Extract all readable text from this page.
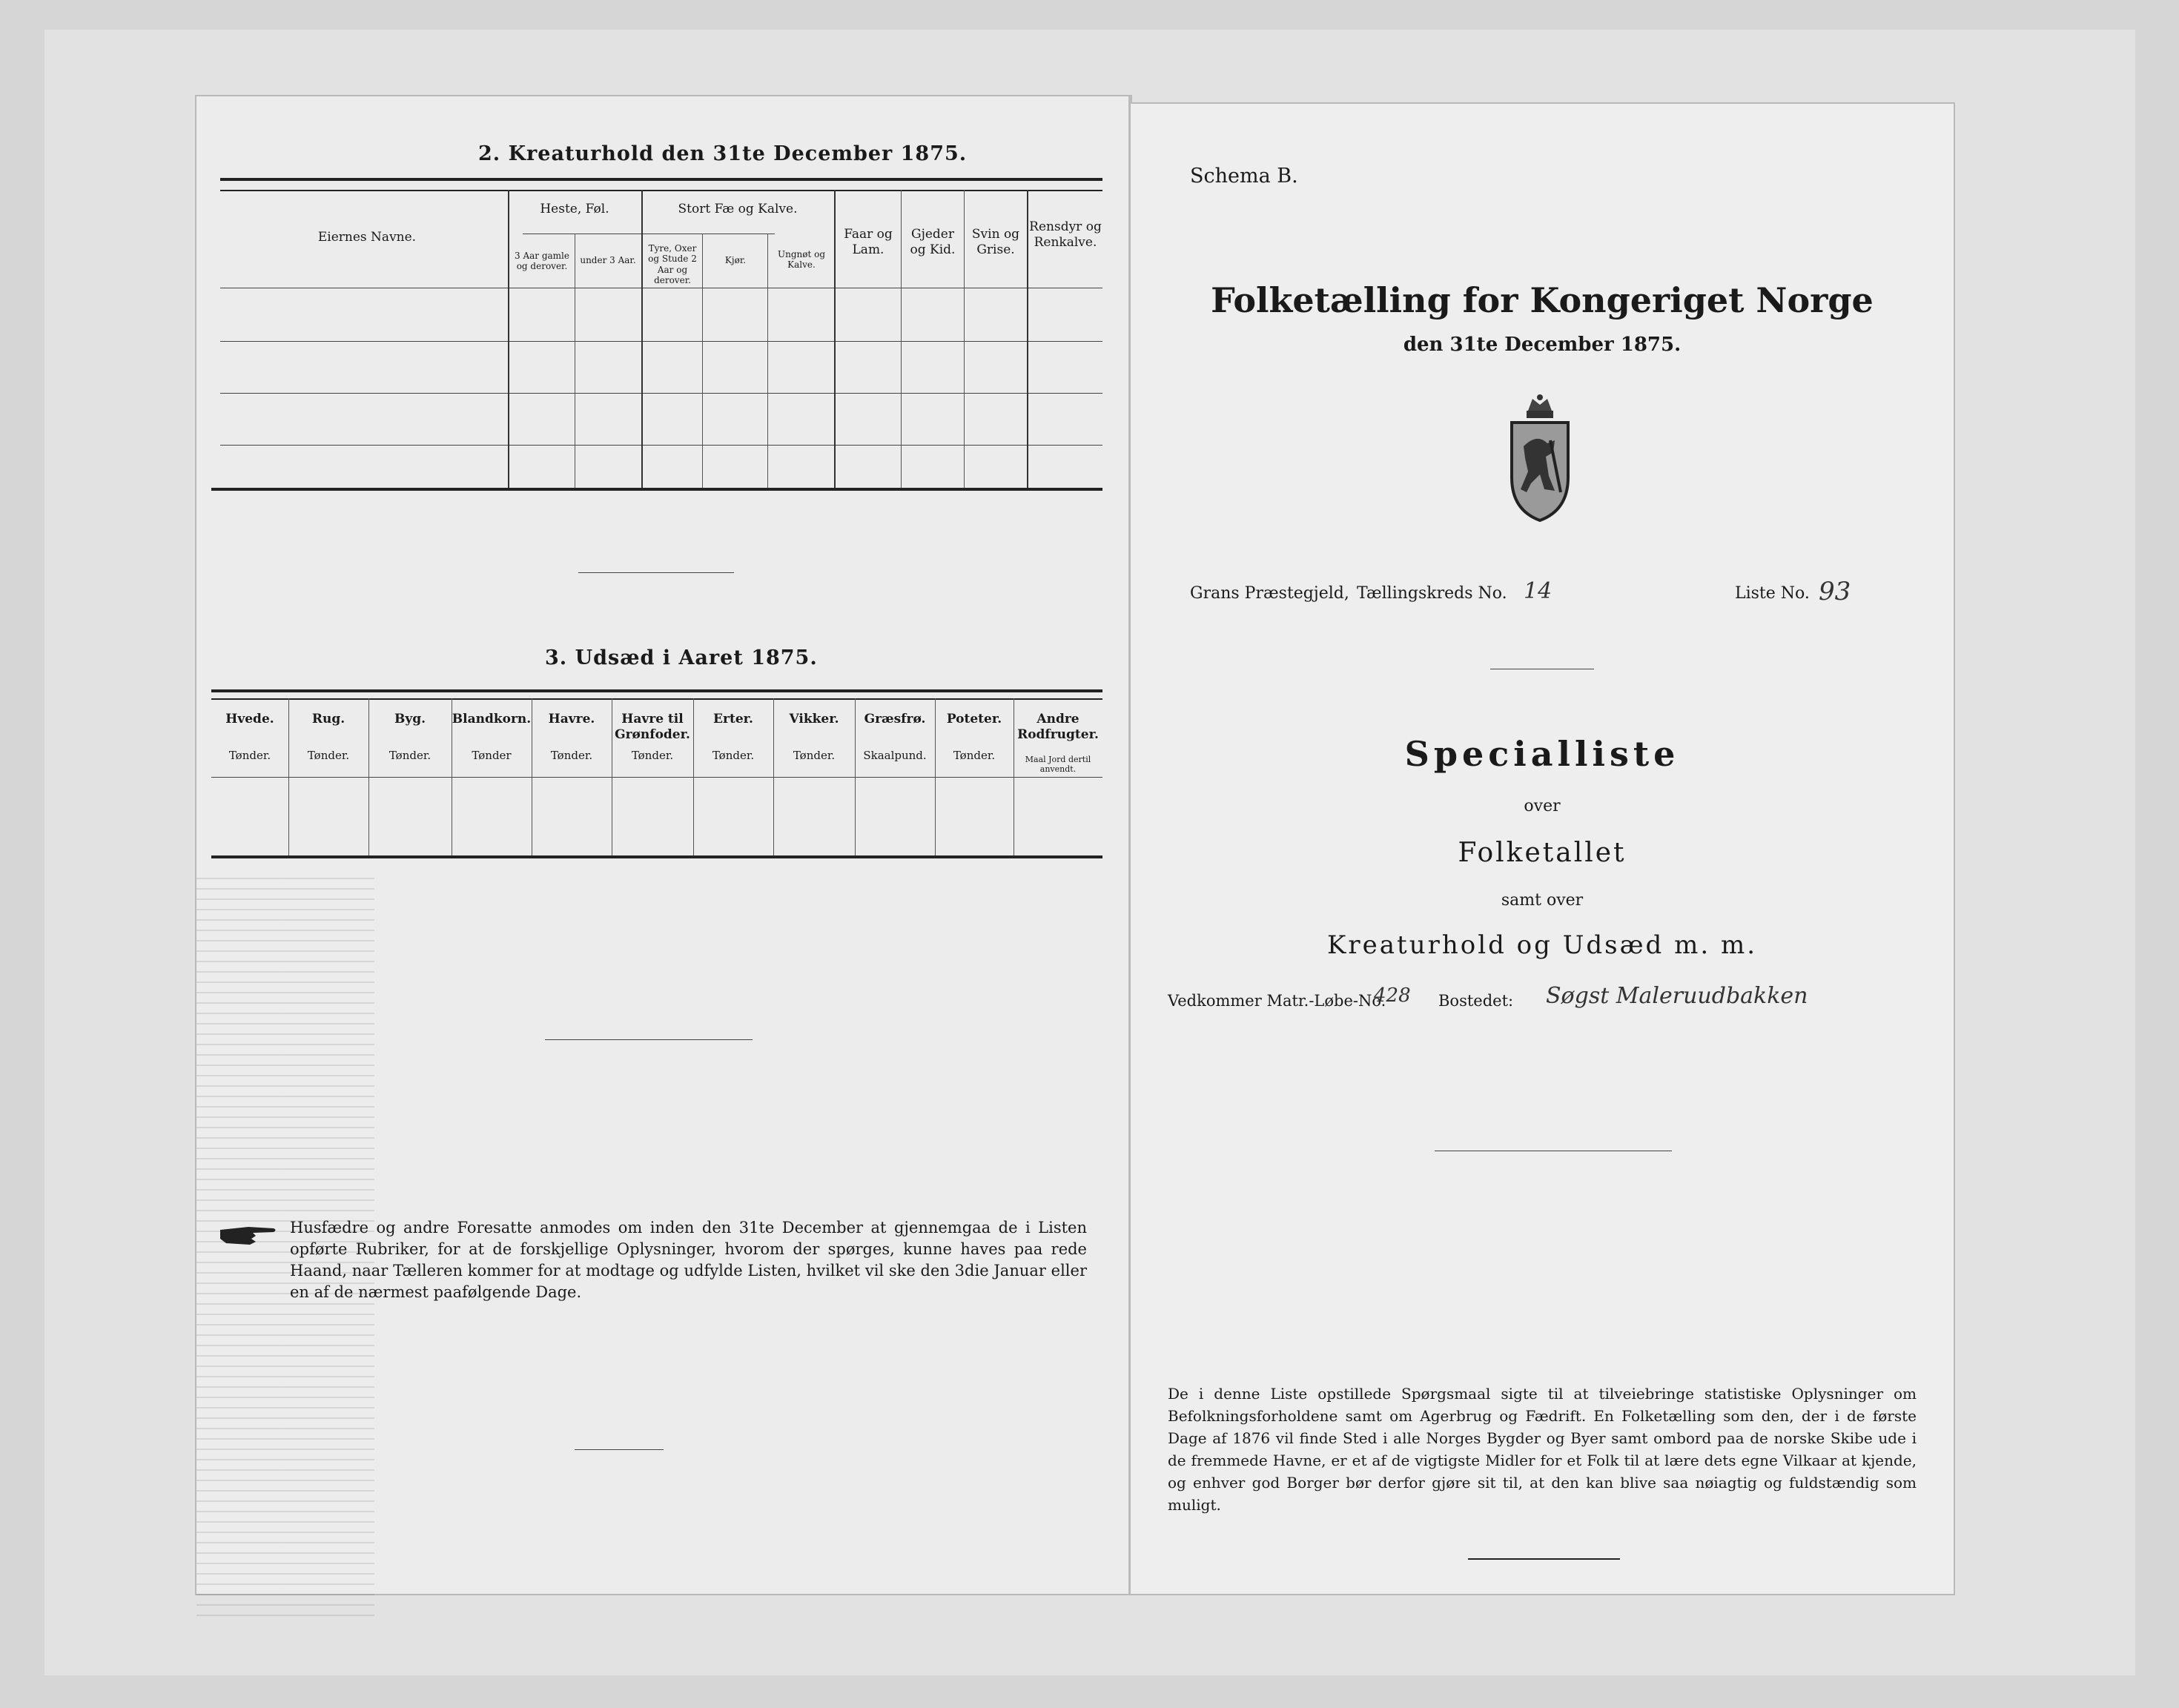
2. Kreaturhold den 31te December 1875.
Eiernes Navne.
Heste, Føl.
3 Aar gamle og derover.
under 3 Aar.
Stort Fæ og Kalve.
Tyre, Oxer og Stude 2 Aar og derover.
Kjør.
Ungnøt og Kalve.
Faar og Lam.
Gjeder og Kid.
Svin og Grise.
Rensdyr og Renkalve.
3. Udsæd i Aaret 1875.
Hvede.
Tønder.
Rug.
Tønder.
Byg.
Tønder.
Blandkorn.
Tønder
Havre.
Tønder.
Havre til Grønfoder.
Tønder.
Erter.
Tønder.
Vikker.
Tønder.
Græsfrø.
Skaalpund.
Poteter.
Tønder.
Andre Rodfrugter.
Maal Jord dertil anvendt.
Husfædre og andre Foresatte anmodes om inden den 31te December at gjennemgaa de i Listen opførte Rubriker, for at de forskjellige Oplysninger, hvorom der spørges, kunne haves paa rede Haand, naar Tælleren kommer for at modtage og udfylde Listen, hvilket vil ske den 3die Januar eller en af de nærmest paafølgende Dage.
Schema B.
Folketælling for Kongeriget Norge
den 31te December 1875.
Grans Præstegjeld, Tællingskreds No. 14	Liste No. 93
Specialliste
over
Folketallet
samt over
Kreaturhold og Udsæd m. m.
Vedkommer Matr.-Løbe-No.
428 Bostedet: Søgst Maleruudbakken
De i denne Liste opstillede Spørgsmaal sigte til at tilveiebringe statistiske Oplysninger om Befolkningsforholdene samt om Agerbrug og Fædrift. En Folketælling som den, der i de første Dage af 1876 vil finde Sted i alle Norges Bygder og Byer samt ombord paa de norske Skibe ude i de fremmede Havne, er et af de vigtigste Midler for et Folk til at lære dets egne Vilkaar at kjende, og enhver god Borger bør derfor gjøre sit til, at den kan blive saa nøiagtig og fuldstændig som muligt.
